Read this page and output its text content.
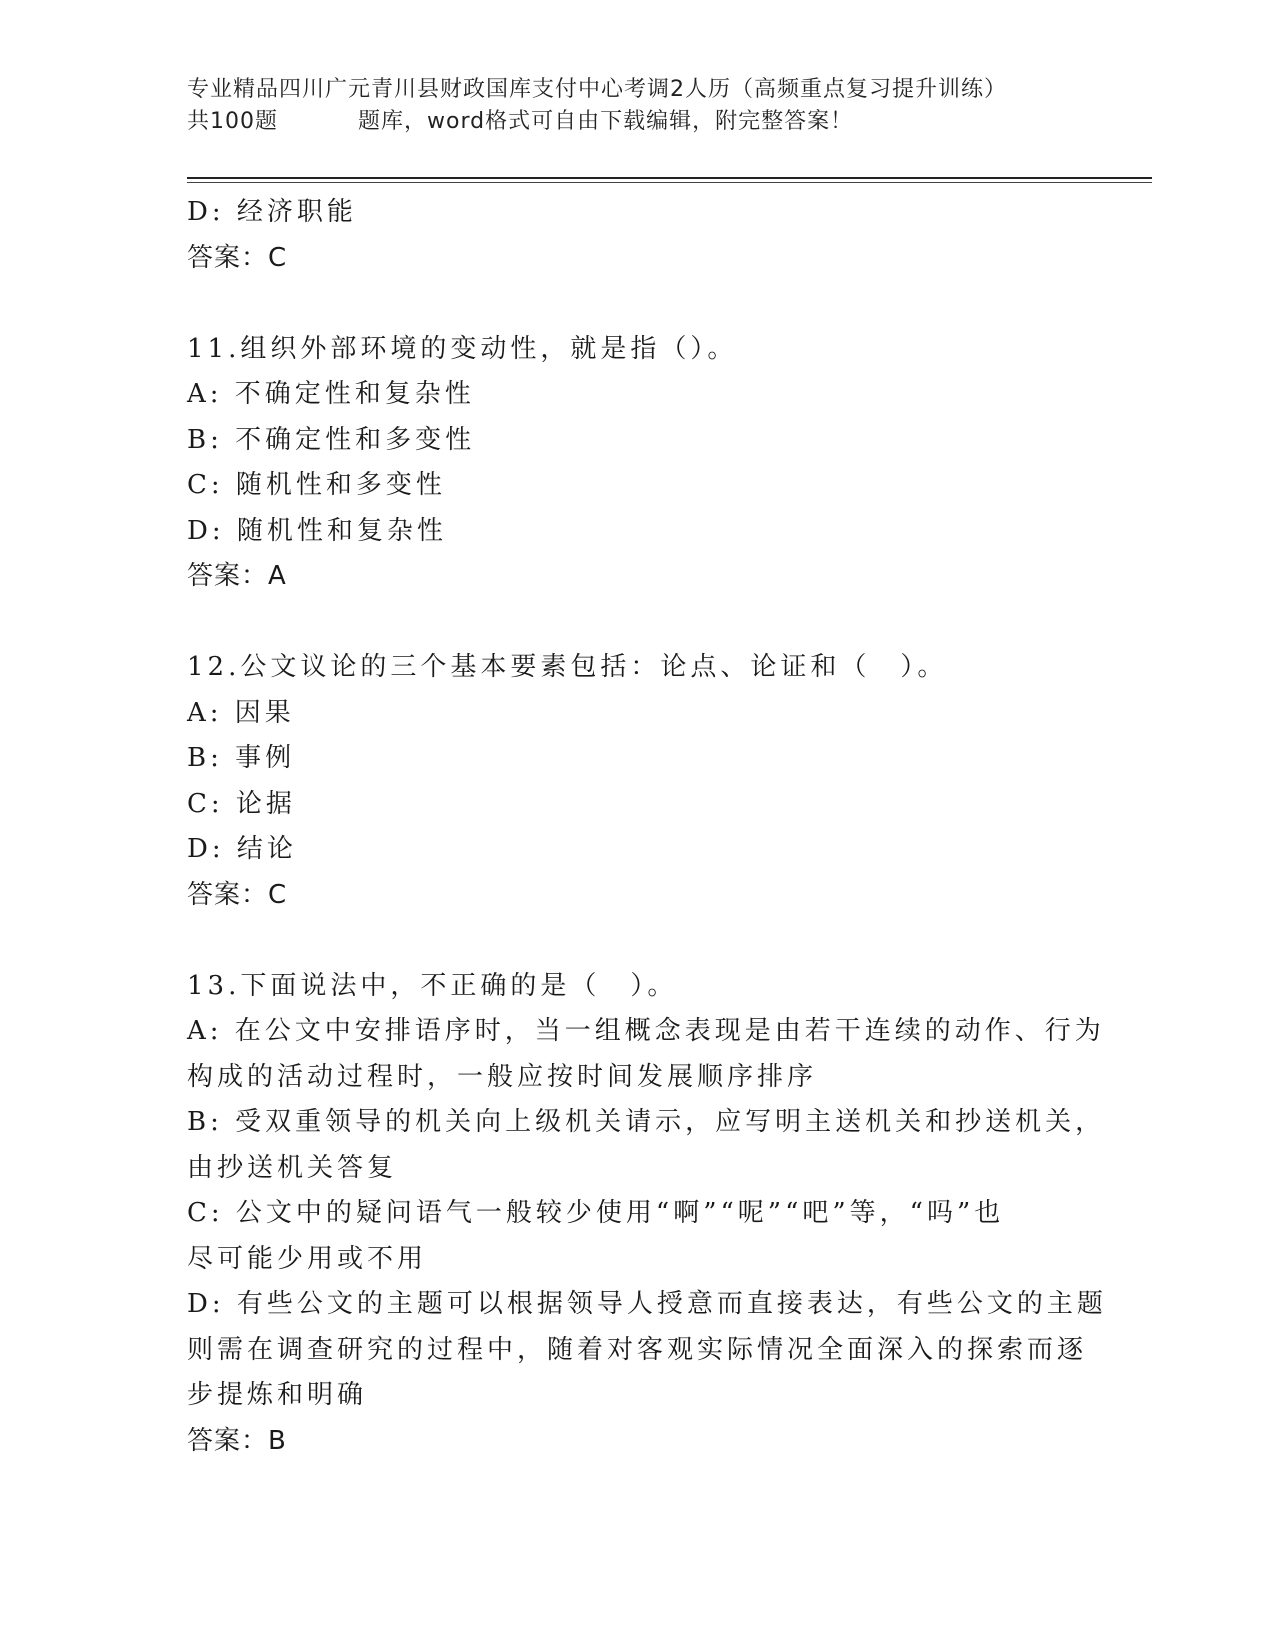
专业精品四川广元青川县财政国库支付中心考调2人历（高频重点复习提升训练）
共100题	题库，word格式可自由下载编辑，附完整答案！
D: 经济职能
答案：C
11.组织外部环境的变动性，就是指（）。
A: 不确定性和复杂性
B: 不确定性和多变性
C: 随机性和多变性
D: 随机性和复杂性
答案：A
12.公文议论的三个基本要素包括：论点、论证和（　）。
A: 因果
B: 事例
C: 论据
D: 结论
答案：C
13.下面说法中，不正确的是（　）。
A: 在公文中安排语序时，当一组概念表现是由若干连续的动作、行为
构成的活动过程时，一般应按时间发展顺序排序
B: 受双重领导的机关向上级机关请示，应写明主送机关和抄送机关，
由抄送机关答复
C: 公文中的疑问语气一般较少使用“啊”“呢”“吧”等，“吗”也
尽可能少用或不用
D: 有些公文的主题可以根据领导人授意而直接表达，有些公文的主题
则需在调查研究的过程中，随着对客观实际情况全面深入的探索而逐
步提炼和明确
答案：B
